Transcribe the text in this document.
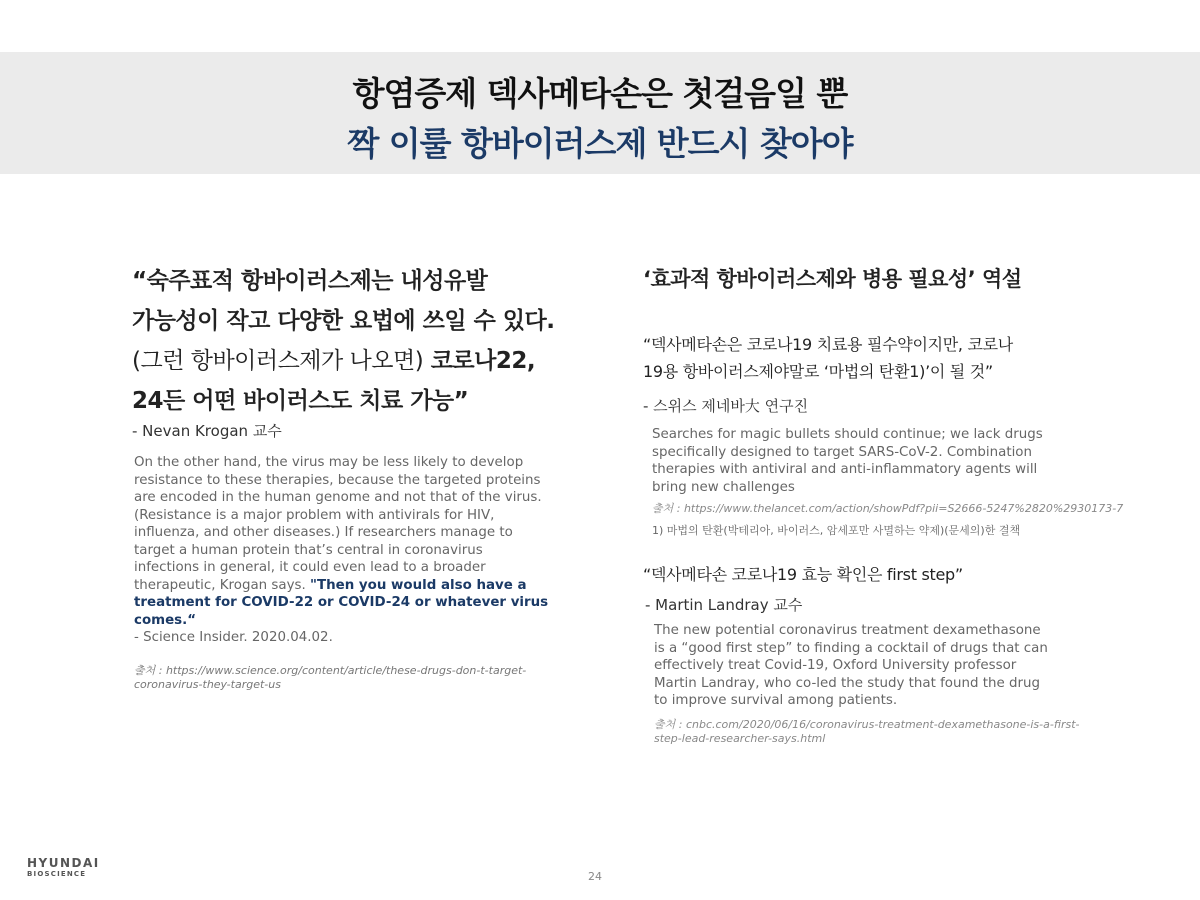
항염증제 덱사메타손은 첫걸음일 뿐
짝 이룰 항바이러스제 반드시 찾아야
“숙주표적 항바이러스제는 내성유발
가능성이 작고 다양한 요법에 쓰일 수 있다.
(그런 항바이러스제가 나오면) 코로나22,
24든 어떤 바이러스도 치료 가능”
- Nevan Krogan 교수
On the other hand, the virus may be less likely to develop
resistance to these therapies, because the targeted proteins
are encoded in the human genome and not that of the virus.
(Resistance is a major problem with antivirals for HIV,
influenza, and other diseases.) If researchers manage to
target a human protein that’s central in coronavirus
infections in general, it could even lead to a broader
therapeutic, Krogan says. "Then you would also have a
treatment for COVID-22 or COVID-24 or whatever virus
comes.“
- Science Insider. 2020.04.02.
출처 : https://www.science.org/content/article/these-drugs-don-t-target-
coronavirus-they-target-us
‘효과적 항바이러스제와 병용 필요성’ 역설
“덱사메타손은 코로나19 치료용 필수약이지만, 코로나
19용 항바이러스제야말로 ‘마법의 탄환1)’이 될 것”
- 스위스 제네바大 연구진
Searches for magic bullets should continue; we lack drugs
specifically designed to target SARS-CoV-2. Combination
therapies with antiviral and anti-inflammatory agents will
bring new challenges
출처 : https://www.thelancet.com/action/showPdf?pii=S2666-5247%2820%2930173-7
1) 마법의 탄환(박테리아, 바이러스, 암세포만 사멸하는 약제)(문세의)한 결책
“덱사메타손 코로나19 효능 확인은 first step”
- Martin Landray 교수
The new potential coronavirus treatment dexamethasone
is a “good first step” to finding a cocktail of drugs that can
effectively treat Covid-19, Oxford University professor
Martin Landray, who co-led the study that found the drug
to improve survival among patients.
출처 : cnbc.com/2020/06/16/coronavirus-treatment-dexamethasone-is-a-first-
step-lead-researcher-says.html
HYUNDAI
BIOSCIENCE	24
